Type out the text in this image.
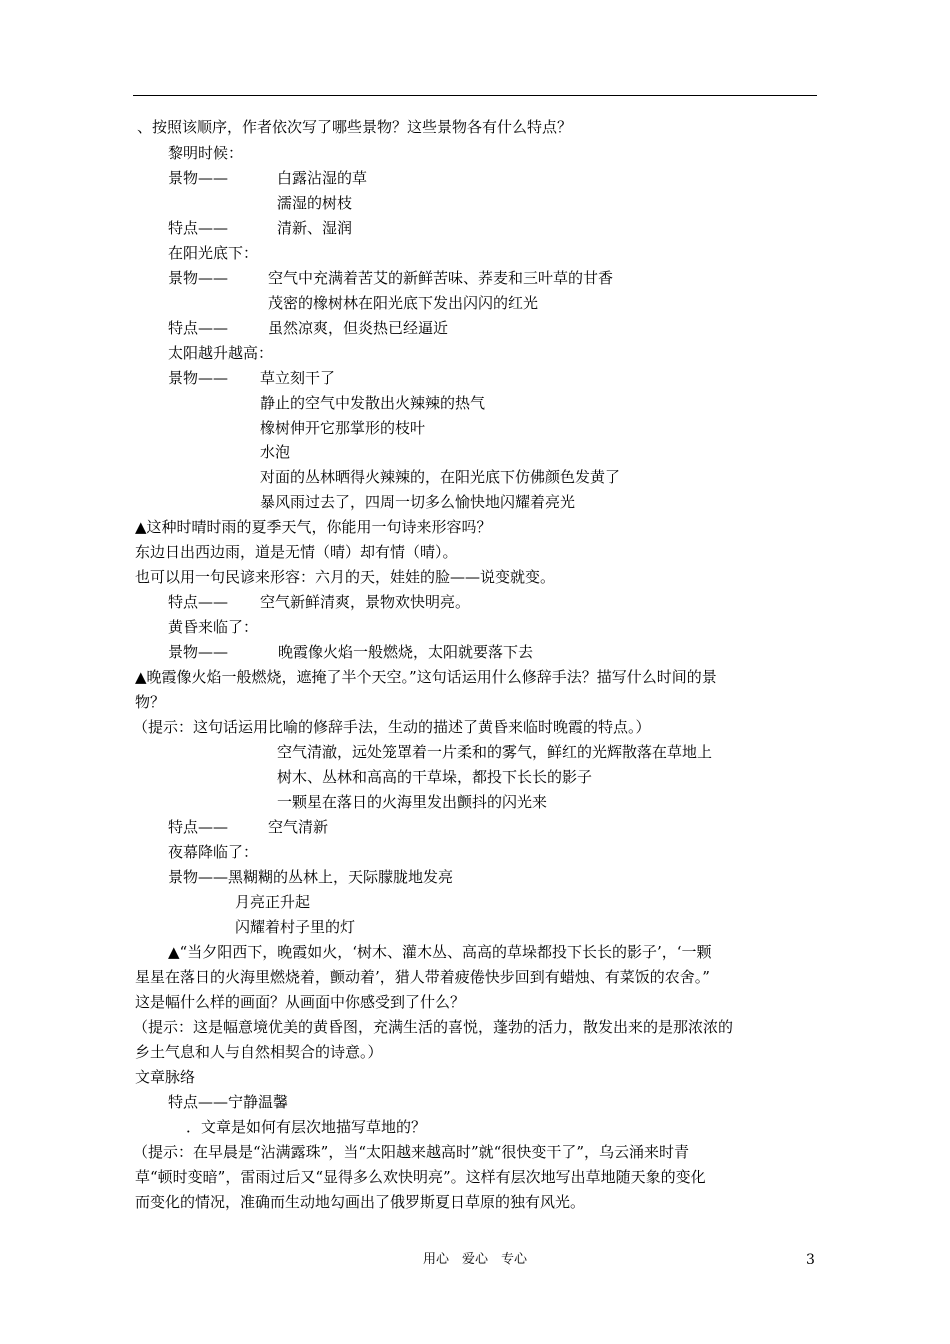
、按照该顺序，作者依次写了哪些景物？这些景物各有什么特点？
黎明时候：
景物——	白露沾湿的草
濡湿的树枝
特点——	清新、湿润
在阳光底下：
景物——	空气中充满着苦艾的新鲜苦味、荞麦和三叶草的甘香
茂密的橡树林在阳光底下发出闪闪的红光
特点——	虽然凉爽，但炎热已经逼近
太阳越升越高：
景物—— 草立刻干了
静止的空气中发散出火辣辣的热气
橡树伸开它那掌形的枝叶
水泡
对面的丛林晒得火辣辣的，在阳光底下仿佛颜色发黄了
暴风雨过去了，四周一切多么愉快地闪耀着亮光
▲这种时晴时雨的夏季天气，你能用一句诗来形容吗？
东边日出西边雨，道是无情（晴）却有情（晴）。
也可以用一句民谚来形容：六月的天，娃娃的脸——说变就变。
特点—— 空气新鲜清爽，景物欢快明亮。
黄昏来临了：
景物——	晚霞像火焰一般燃烧，太阳就要落下去
▲晚霞像火焰一般燃烧，遮掩了半个天空。”这句话运用什么修辞手法？描写什么时间的景
物？
（提示：这句话运用比喻的修辞手法，生动的描述了黄昏来临时晚霞的特点。）
空气清澈，远处笼罩着一片柔和的雾气，鲜红的光辉散落在草地上
树木、丛林和高高的干草垛，都投下长长的影子
一颗星在落日的火海里发出颤抖的闪光来
特点——	空气清新
夜幕降临了：
景物——黑糊糊的丛林上，天际朦胧地发亮
月亮正升起
闪耀着村子里的灯
▲“当夕阳西下，晚霞如火，‘树木、灌木丛、高高的草垛都投下长长的影子’，‘一颗
星星在落日的火海里燃烧着，颤动着’，猎人带着疲倦快步回到有蜡烛、有菜饭的农舍。”
这是幅什么样的画面？从画面中你感受到了什么？
（提示：这是幅意境优美的黄昏图，充满生活的喜悦，蓬勃的活力，散发出来的是那浓浓的
乡土气息和人与自然相契合的诗意。）
文章脉络
特点——宁静温馨
．文章是如何有层次地描写草地的？
（提示：在早晨是“沾满露珠”，当“太阳越来越高时”就“很快变干了”，乌云涌来时青
草“顿时变暗”，雷雨过后又“显得多么欢快明亮”。这样有层次地写出草地随天象的变化
而变化的情况，准确而生动地勾画出了俄罗斯夏日草原的独有风光。
用心　爱心　专心	3
